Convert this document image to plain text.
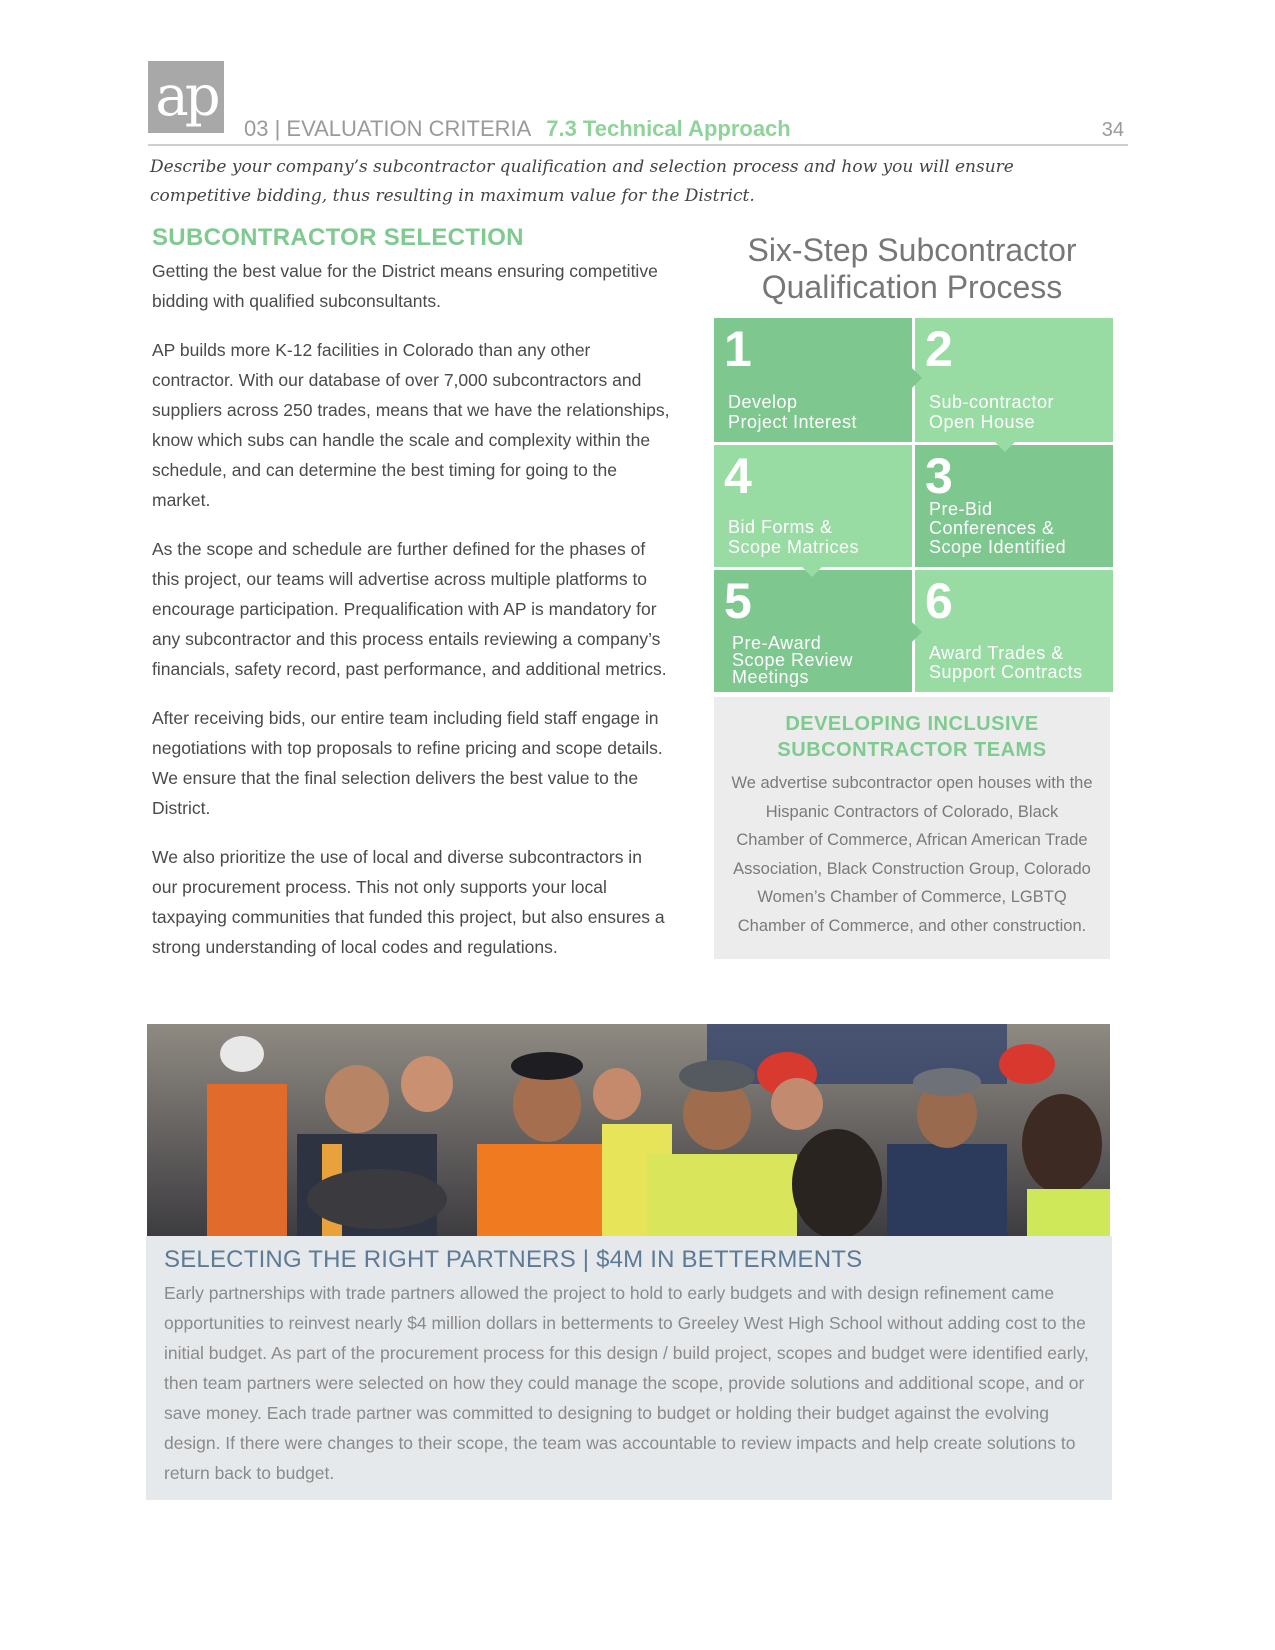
ap	03 | EVALUATION CRITERIA 7.3 Technical Approach	34
Describe your company’s subcontractor qualification and selection process and how you will ensure competitive bidding, thus resulting in maximum value for the District.
SUBCONTRACTOR SELECTION

Getting the best value for the District means ensuring competitive bidding with qualified subconsultants.

AP builds more K-12 facilities in Colorado than any other contractor. With our database of over 7,000 subcontractors and suppliers across 250 trades, means that we have the relationships, know which subs can handle the scale and complexity within the schedule, and can determine the best timing for going to the market.

As the scope and schedule are further defined for the phases of this project, our teams will advertise across multiple platforms to encourage participation. Prequalification with AP is mandatory for any subcontractor and this process entails reviewing a company’s financials, safety record, past performance, and additional metrics.

After receiving bids, our entire team including field staff engage in negotiations with top proposals to refine pricing and scope details. We ensure that the final selection delivers the best value to the District.

We also prioritize the use of local and diverse subcontractors in our procurement process. This not only supports your local taxpaying communities that funded this project, but also ensures a strong understanding of local codes and regulations.

Six-Step Subcontractor
Qualification Process
1
Develop
Project Interest
2
Sub-contractor
Open House
4
Bid Forms &
Scope Matrices
3
Pre-Bid
Conferences &
Scope Identified
5
Pre-Award
Scope Review
Meetings
6
Award Trades &
Support Contracts
DEVELOPING INCLUSIVE
SUBCONTRACTOR TEAMS

We advertise subcontractor open houses with the Hispanic Contractors of Colorado, Black Chamber of Commerce, African American Trade Association, Black Construction Group, Colorado Women’s Chamber of Commerce, LGBTQ Chamber of Commerce, and other construction.

SELECTING THE RIGHT PARTNERS | $4M IN BETTERMENTS

Early partnerships with trade partners allowed the project to hold to early budgets and with design refinement came opportunities to reinvest nearly $4 million dollars in betterments to Greeley West High School without adding cost to the initial budget. As part of the procurement process for this design / build project, scopes and budget were identified early, then team partners were selected on how they could manage the scope, provide solutions and additional scope, and or save money. Each trade partner was committed to designing to budget or holding their budget against the evolving design. If there were changes to their scope, the team was accountable to review impacts and help create solutions to return back to budget.
